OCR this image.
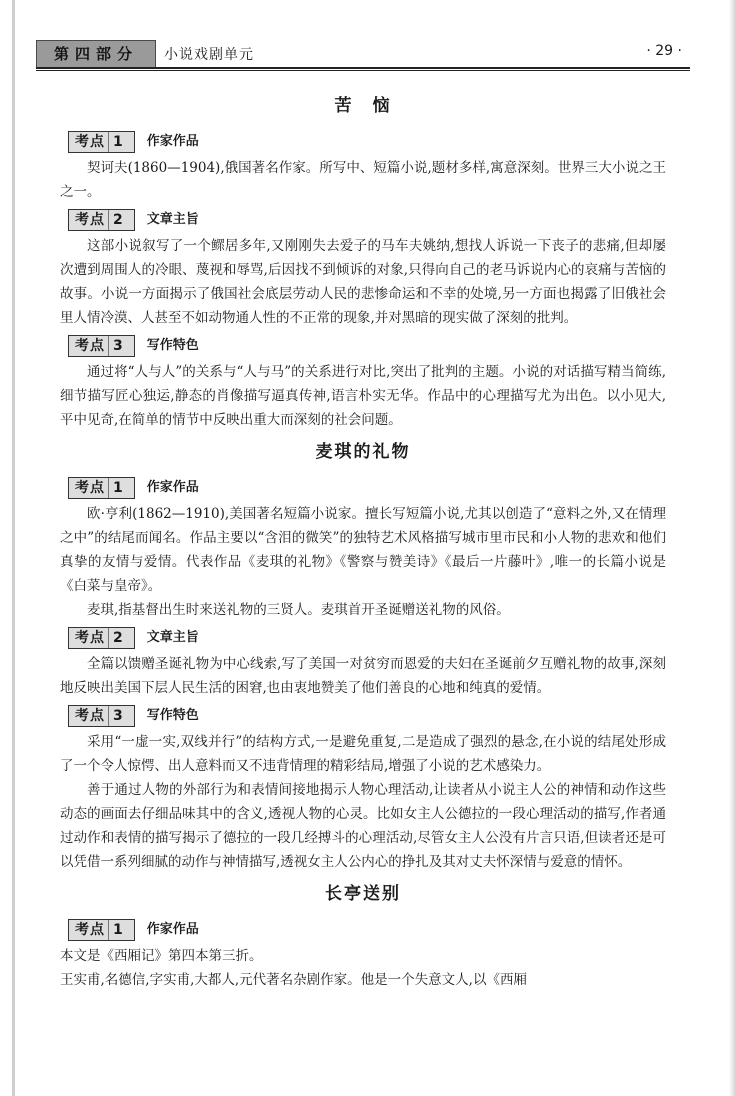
第四部分	小说戏剧单元	· 29 ·
苦　恼
考点 1	作家作品

契诃夫(1860—1904),俄国著名作家。所写中、短篇小说,题材多样,寓意深刻。世界三大小说之王之一。

考点 2	文章主旨

这部小说叙写了一个鳏居多年,又刚刚失去爱子的马车夫姚纳,想找人诉说一下丧子的悲痛,但却屡次遭到周围人的冷眼、蔑视和辱骂,后因找不到倾诉的对象,只得向自己的老马诉说内心的哀痛与苦恼的故事。小说一方面揭示了俄国社会底层劳动人民的悲惨命运和不幸的处境,另一方面也揭露了旧俄社会里人情冷漠、人甚至不如动物通人性的不正常的现象,并对黑暗的现实做了深刻的批判。

考点 3	写作特色

通过将“人与人”的关系与“人与马”的关系进行对比,突出了批判的主题。小说的对话描写精当简练,细节描写匠心独运,静态的肖像描写逼真传神,语言朴实无华。作品中的心理描写尤为出色。以小见大,平中见奇,在简单的情节中反映出重大而深刻的社会问题。

麦琪的礼物
考点 1	作家作品

欧·亨利(1862—1910),美国著名短篇小说家。擅长写短篇小说,尤其以创造了“意料之外,又在情理之中”的结尾而闻名。作品主要以“含泪的微笑”的独特艺术风格描写城市里市民和小人物的悲欢和他们真挚的友情与爱情。代表作品《麦琪的礼物》《警察与赞美诗》《最后一片藤叶》,唯一的长篇小说是《白菜与皇帝》。

麦琪,指基督出生时来送礼物的三贤人。麦琪首开圣诞赠送礼物的风俗。

考点 2	文章主旨

全篇以馈赠圣诞礼物为中心线索,写了美国一对贫穷而恩爱的夫妇在圣诞前夕互赠礼物的故事,深刻地反映出美国下层人民生活的困窘,也由衷地赞美了他们善良的心地和纯真的爱情。

考点 3	写作特色

采用“一虚一实,双线并行”的结构方式,一是避免重复,二是造成了强烈的悬念,在小说的结尾处形成了一个令人惊愕、出人意料而又不违背情理的精彩结局,增强了小说的艺术感染力。

善于通过人物的外部行为和表情间接地揭示人物心理活动,让读者从小说主人公的神情和动作这些动态的画面去仔细品味其中的含义,透视人物的心灵。比如女主人公德拉的一段心理活动的描写,作者通过动作和表情的描写揭示了德拉的一段几经搏斗的心理活动,尽管女主人公没有片言只语,但读者还是可以凭借一系列细腻的动作与神情描写,透视女主人公内心的挣扎及其对丈夫怀深情与爱意的情怀。

长亭送别
考点 1	作家作品

本文是《西厢记》第四本第三折。

王实甫,名德信,字实甫,大都人,元代著名杂剧作家。他是一个失意文人,以《西厢
